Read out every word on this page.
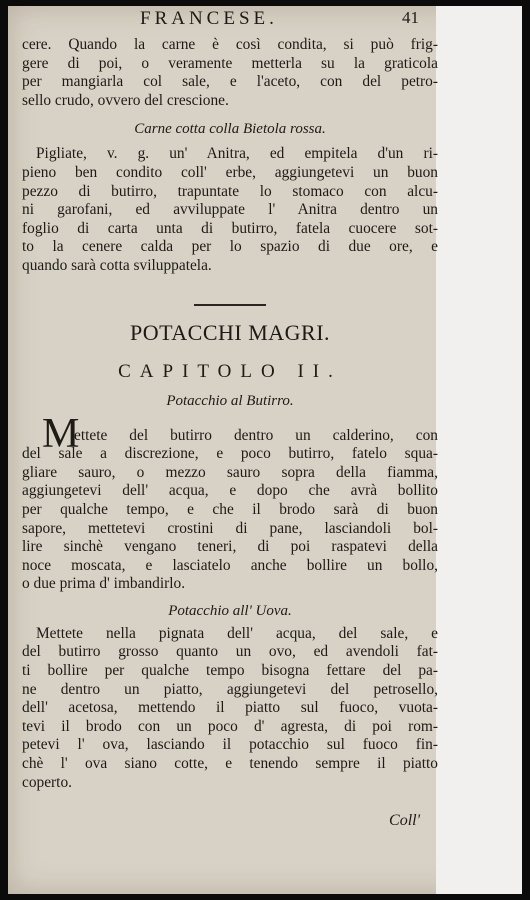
FRANCESE.	41
cere. Quando la carne è così condita, si può frig-
gere di poi, o veramente metterla su la graticola
per mangiarla col sale, e l'aceto, con del petro-
sello crudo, ovvero del crescione.
Carne cotta colla Bietola rossa.
Pigliate, v. g. un' Anitra, ed empitela d'un ri-
pieno ben condito coll' erbe, aggiungetevi un buon
pezzo di butirro, trapuntate lo stomaco con alcu-
ni garofani, ed avviluppate l' Anitra dentro un
foglio di carta unta di butirro, fatela cuocere sot-
to la cenere calda per lo spazio di due ore, e
quando sarà cotta sviluppatela.
POTACCHI MAGRI.
CAPITOLO II.
Potacchio al Butirro.
M
ettete del butirro dentro un calderino, con
del sale a discrezione, e poco butirro, fatelo squa-
gliare sauro, o mezzo sauro sopra della fiamma,
aggiungetevi dell' acqua, e dopo che avrà bollito
per qualche tempo, e che il brodo sarà di buon
sapore, mettetevi crostini di pane, lasciandoli bol-
lire sinchè vengano teneri, di poi raspatevi della
noce moscata, e lasciatelo anche bollire un bollo,
o due prima d' imbandirlo.
Potacchio all' Uova.
Mettete nella pignata dell' acqua, del sale, e
del butirro grosso quanto un ovo, ed avendoli fat-
ti bollire per qualche tempo bisogna fettare del pa-
ne dentro un piatto, aggiungetevi del petrosello,
dell' acetosa, mettendo il piatto sul fuoco, vuota-
tevi il brodo con un poco d' agresta, di poi rom-
petevi l' ova, lasciando il potacchio sul fuoco fin-
chè l' ova siano cotte, e tenendo sempre il piatto
coperto.
Coll'
